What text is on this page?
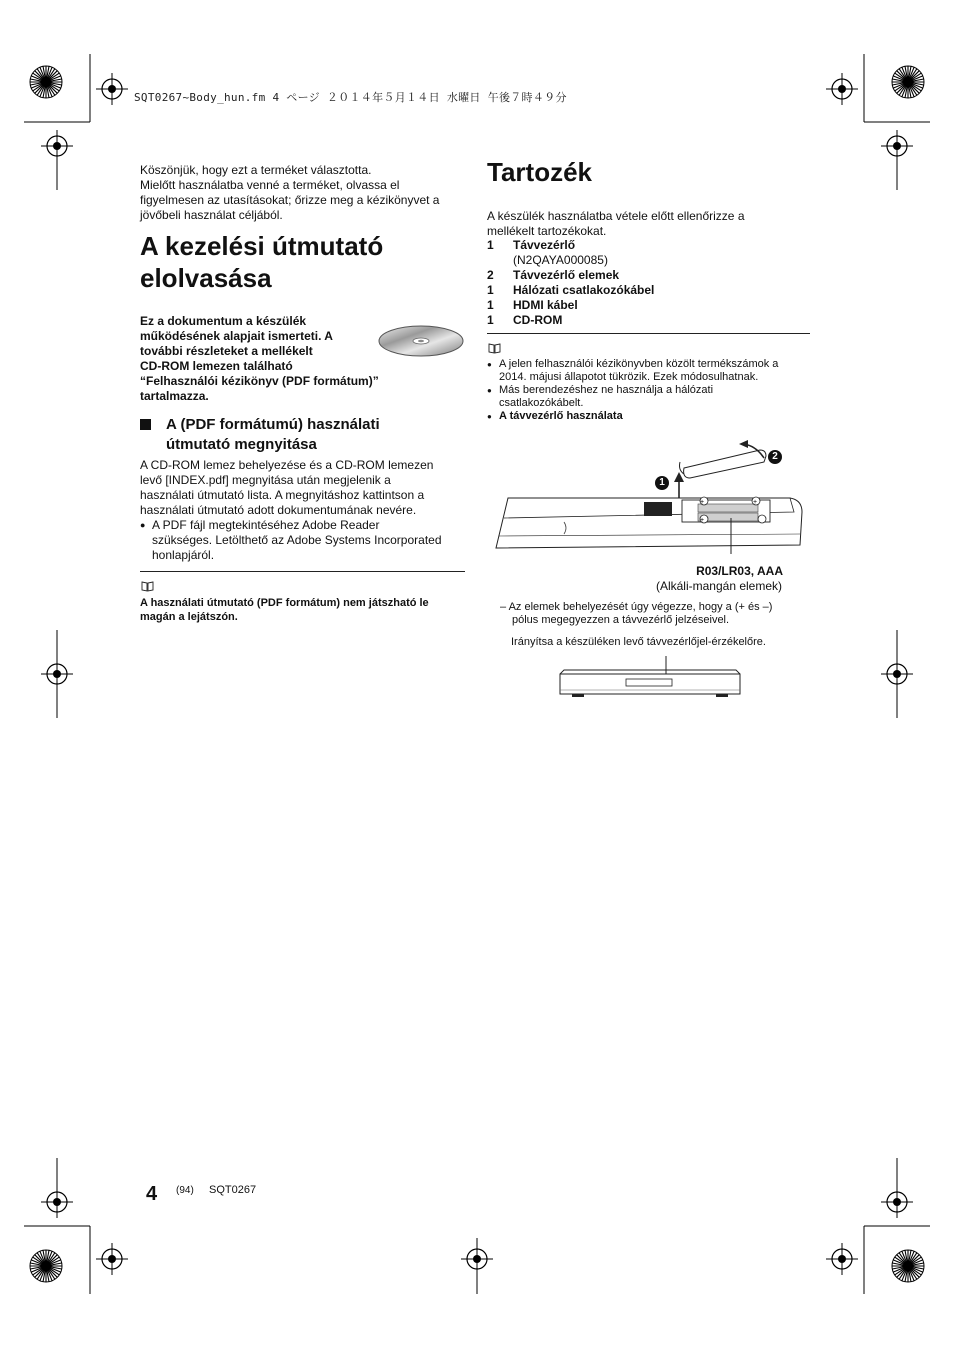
SQT0267~Body_hun.fm 4 ページ ２０１４年５月１４日 水曜日 午後７時４９分
Köszönjük, hogy ezt a terméket választotta.
Mielőtt használatba venné a terméket, olvassa el
figyelmesen az utasításokat; őrizze meg a kézikönyvet a
jövőbeli használat céljából.
A kezelési útmutató
elolvasása
Ez a dokumentum a készülék
működésének alapjait ismerteti. A
további részleteket a mellékelt
CD-ROM lemezen található
“Felhasználói kézikönyv (PDF formátum)”
tartalmazza.
A (PDF formátumú) használati
útmutató megnyitása
A CD-ROM lemez behelyezése és a CD-ROM lemezen
levő [INDEX.pdf] megnyitása után megjelenik a
használati útmutató lista. A megnyitáshoz kattintson a
használati útmutató adott dokumentumának nevére.
● A PDF fájl megtekintéséhez Adobe Reader
szükséges. Letölthető az Adobe Systems Incorporated
honlapjáról.
A használati útmutató (PDF formátum) nem játszható le
magán a lejátszón.
Tartozék
A készülék használatba vétele előtt ellenőrizze a
mellékelt tartozékokat.
1	Távvezérlő
(N2QAYA000085)
2	Távvezérlő elemek
1	Hálózati csatlakozókábel
1	HDMI kábel
1	CD-ROM
● A jelen felhasználói kézikönyvben közölt termékszámok a
2014. májusi állapotot tükrözik. Ezek módosulhatnak.
● Más berendezéshez ne használja a hálózati
csatlakozókábelt.
● A távvezérlő használata
+	+
+
1
2
R03/LR03, AAA
(Alkáli-mangán elemek)
– Az elemek behelyezését úgy végezze, hogy a (+ és –)
pólus megegyezzen a távvezérlő jelzéseivel.
Irányítsa a készüléken levő távvezérlőjel-érzékelőre.
4 (94) SQT0267
